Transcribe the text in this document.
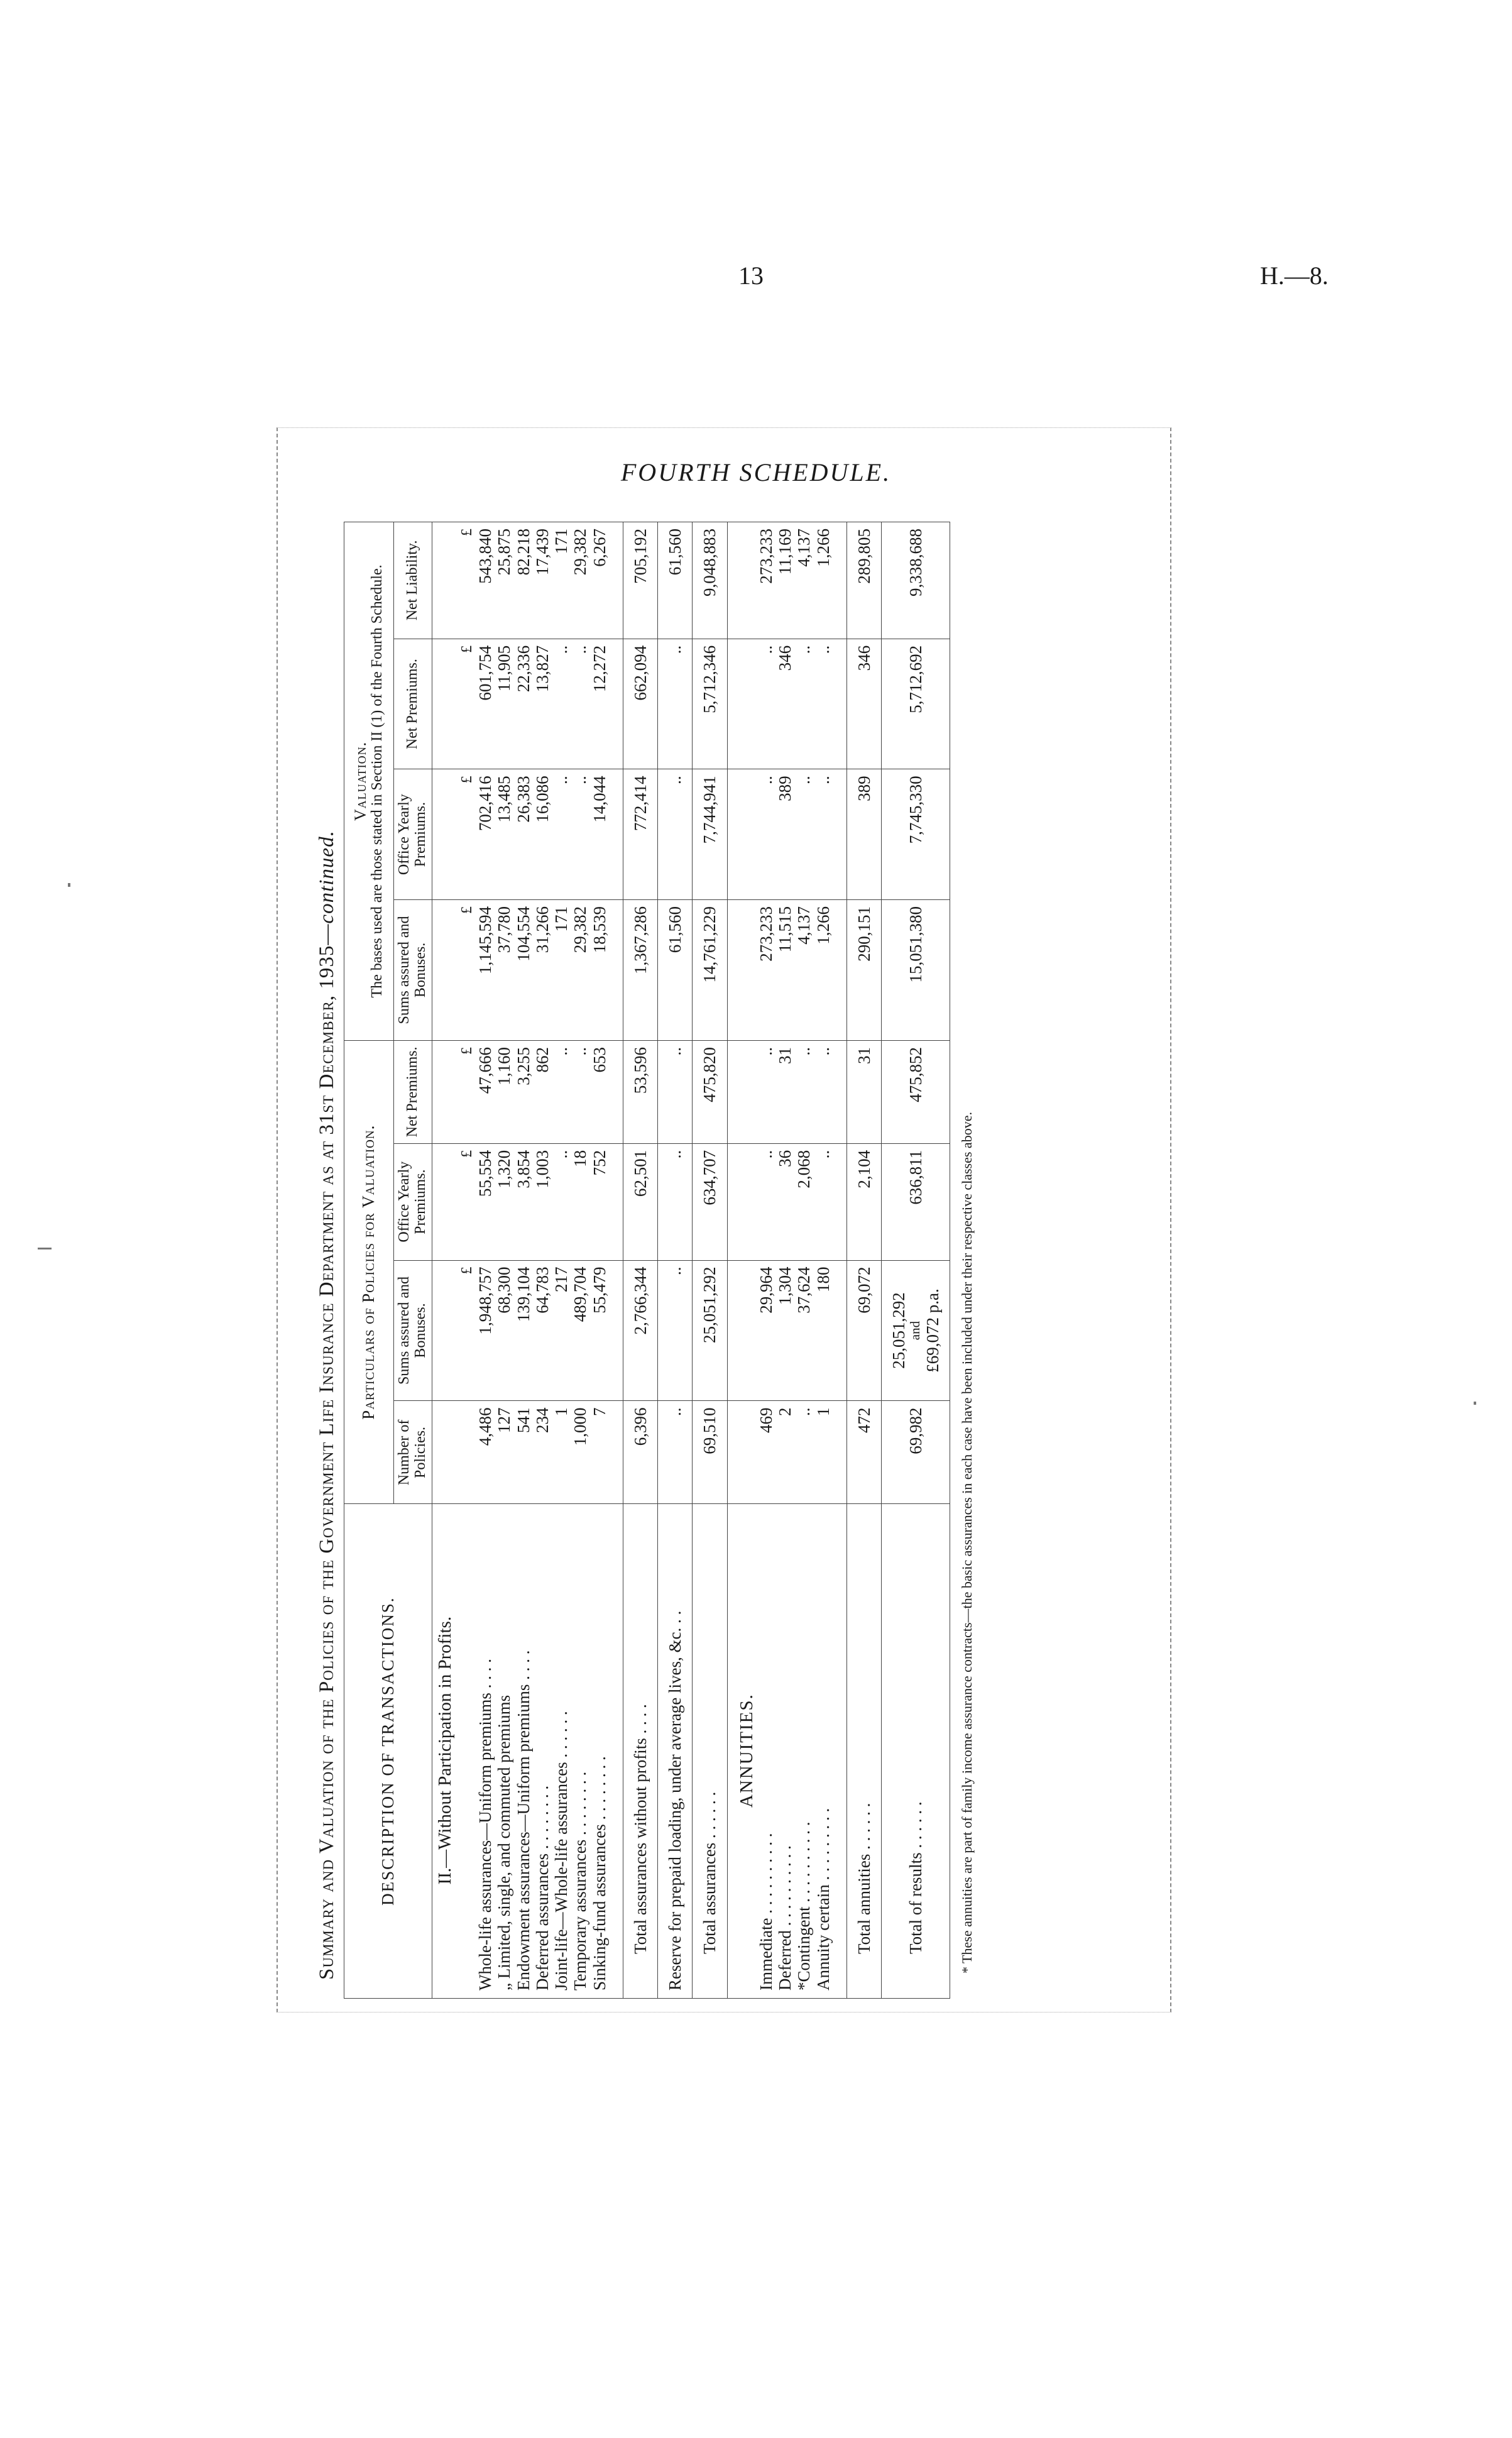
13	H.—8.
FOURTH SCHEDULE.
Summary and Valuation of the Policies of the Government Life Insurance Department as at 31st December, 1935—continued.
DESCRIPTION OF TRANSACTIONS.	Particulars of Policies for Valuation.				Valuation. The bases used are those stated in Section II (1) of the Fourth Schedule.			

	Number of Policies.	Sums assured and Bonuses.	Office Yearly Premiums.	Net Premiums.	Sums assured and Bonuses.	Office Yearly Premiums.	Net Premiums.	Net Liability.
II.—Without Participation in Profits.								
		£	£	£	£	£	£	£
Whole-life assurances—Uniform premiums . . . .	4,486	1,948,757	55,554	47,666	1,145,594	702,416	601,754	543,840
„ Limited, single, and commuted premiums	127	68,300	1,320	1,160	37,780	13,485	11,905	25,875
Endowment assurances—Uniform premiums . . . .	541	139,104	3,854	3,255	104,554	26,383	22,336	82,218
Deferred assurances . . . . . . . .	234	64,783	1,003	862	31,266	16,086	13,827	17,439
Joint-life—Whole-life assurances . . . . . .	1	217	..	..	171	..	..	171
Temporary assurances . . . . . . . .	1,000	489,704	18	..	29,382	..	..	29,382
Sinking-fund assurances . . . . . . . .	7	55,479	752	653	18,539	14,044	12,272	6,267

Total assurances without profits . . . .	6,396	2,766,344	62,501	53,596	1,367,286	772,414	662,094	705,192
Reserve for prepaid loading, under average lives, &c. . .	..	..	..	..	61,560	..	..	61,560
Total assurances . . . . . .	69,510	25,051,292	634,707	475,820	14,761,229	7,744,941	5,712,346	9,048,883
ANNUITIES.								
Immediate . . . . . . . . . .	469	29,964	..	..	273,233	..	..	273,233
Deferred . . . . . . . . . .	2	1,304	36	31	11,515	389	346	11,169
*Contingent . . . . . . . . . .	..	37,624	2,068	..	4,137	..	..	4,137
Annuity certain . . . . . . . . .	1	180	..	..	1,266	..	..	1,266

Total annuities . . . . . .	472	69,072	2,104	31	290,151	389	346	289,805
Total of results . . . . . .	69,982	25,051,292 and £69,072 p.a.	636,811	475,852	15,051,380	7,745,330	5,712,692	9,338,688
* These annuities are part of family income assurance contracts—the basic assurances in each case have been included under their respective classes above.
